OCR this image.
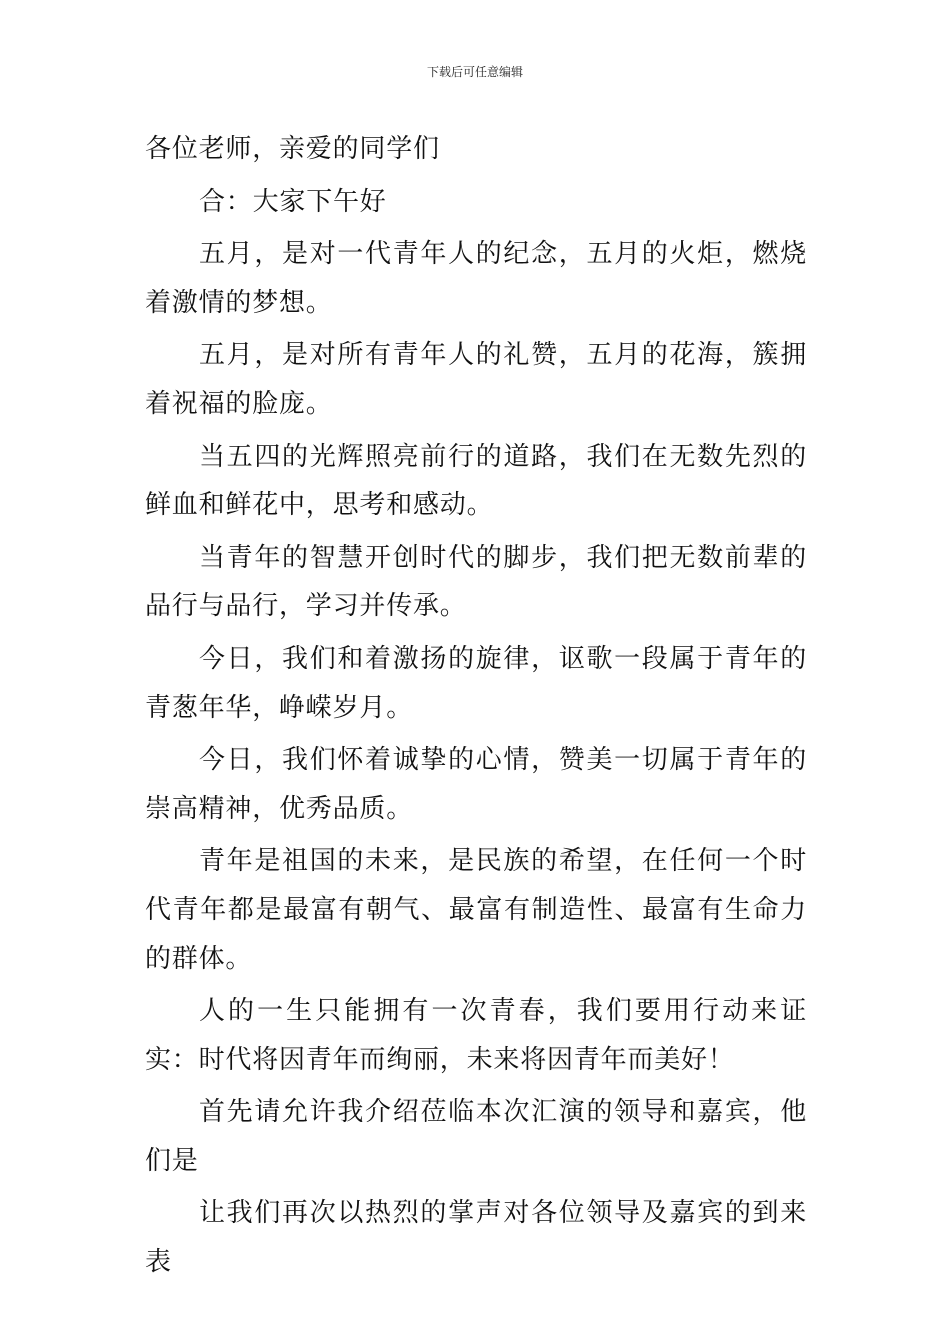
下载后可任意编辑

各位老师，亲爱的同学们

合：大家下午好

五月，是对一代青年人的纪念，五月的火炬，燃烧着激情的梦想。

五月，是对所有青年人的礼赞，五月的花海，簇拥着祝福的脸庞。

当五四的光辉照亮前行的道路，我们在无数先烈的鲜血和鲜花中，思考和感动。

当青年的智慧开创时代的脚步，我们把无数前辈的品行与品行，学习并传承。

今日，我们和着激扬的旋律，讴歌一段属于青年的青葱年华，峥嵘岁月。

今日，我们怀着诚挚的心情，赞美一切属于青年的崇高精神，优秀品质。

青年是祖国的未来，是民族的希望，在任何一个时代青年都是最富有朝气、最富有制造性、最富有生命力的群体。

人的一生只能拥有一次青春，我们要用行动来证实：时代将因青年而绚丽，未来将因青年而美好！

首先请允许我介绍莅临本次汇演的领导和嘉宾，他们是

让我们再次以热烈的掌声对各位领导及嘉宾的到来表
